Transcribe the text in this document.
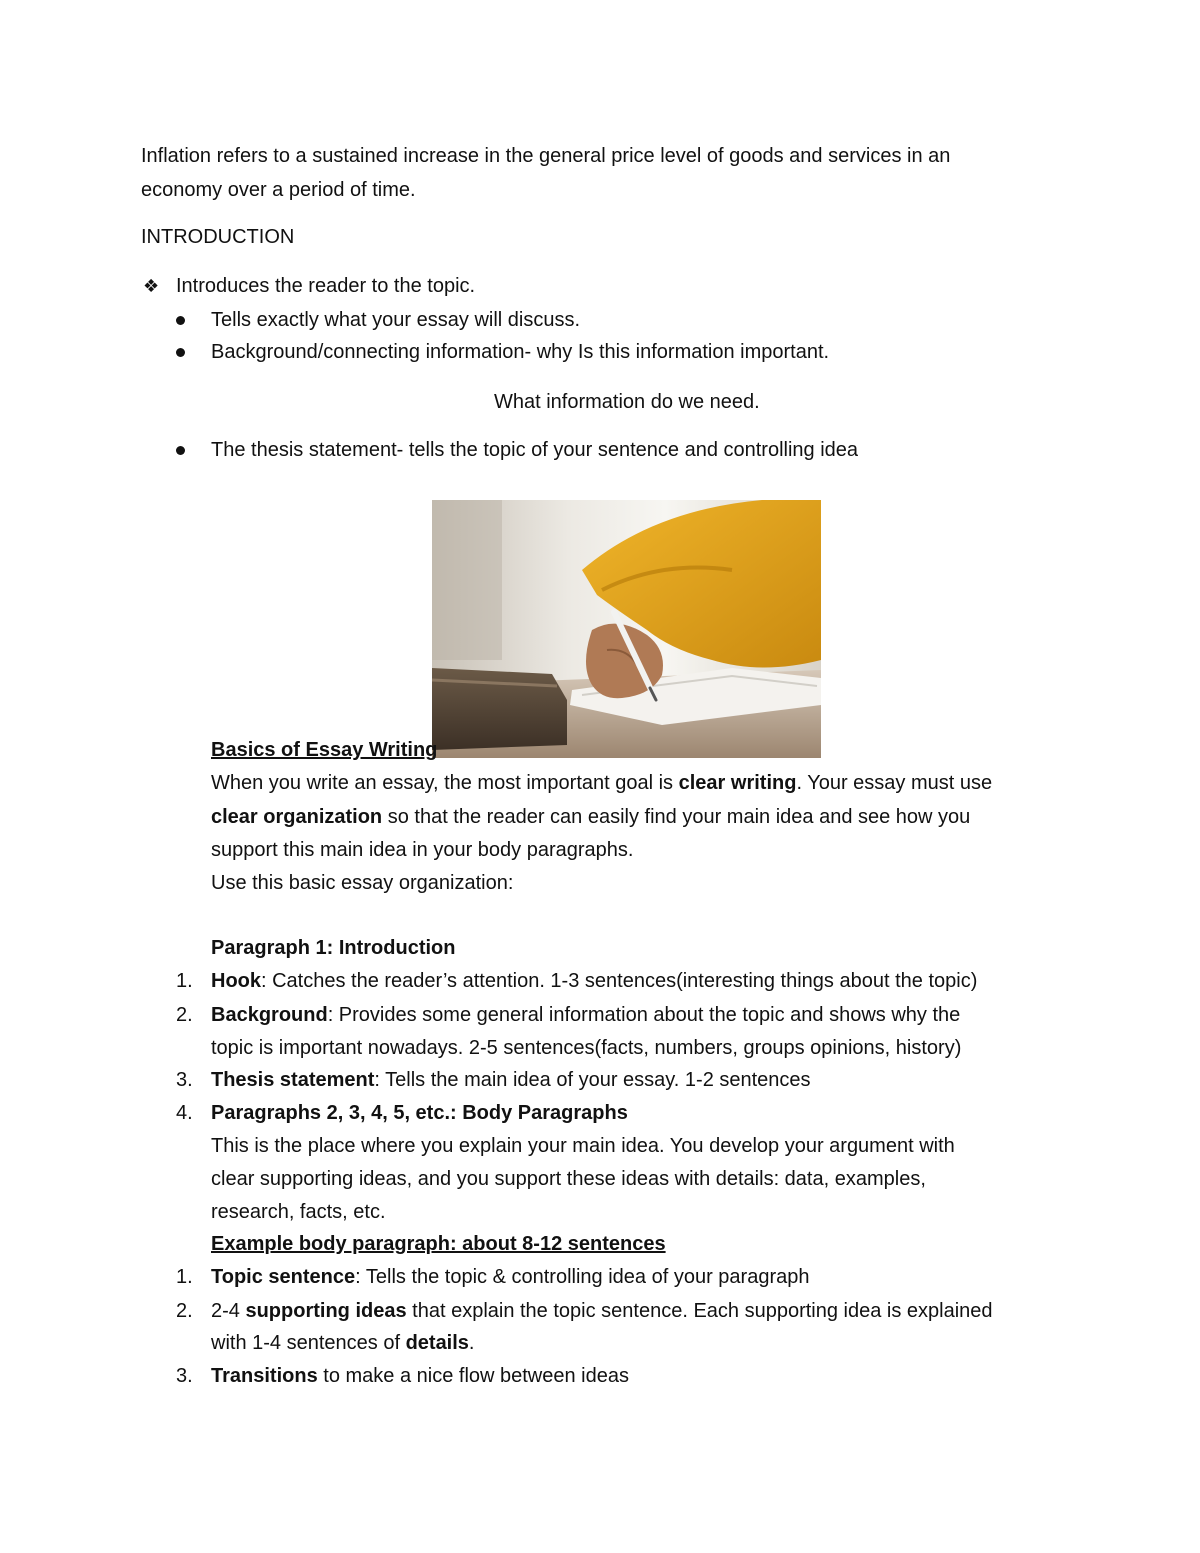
Inflation refers to a sustained increase in the general price level of goods and services in an

economy over a period of time.

INTRODUCTION

❖ Introduces the reader to the topic.

Tells exactly what your essay will discuss.

Background/connecting information- why Is this information important.

What information do we need.

The thesis statement- tells the topic of your sentence and controlling idea

Basics of Essay Writing

When you write an essay, the most important goal is clear writing. Your essay must use

clear organization so that the reader can easily find your main idea and see how you

support this main idea in your body paragraphs.

Use this basic essay organization:

Paragraph 1: Introduction

1. Hook: Catches the reader’s attention. 1-3 sentences(interesting things about the topic)

2. Background: Provides some general information about the topic and shows why the

topic is important nowadays. 2-5 sentences(facts, numbers, groups opinions, history)

3. Thesis statement: Tells the main idea of your essay. 1-2 sentences

4. Paragraphs 2, 3, 4, 5, etc.: Body Paragraphs

This is the place where you explain your main idea. You develop your argument with

clear supporting ideas, and you support these ideas with details: data, examples,

research, facts, etc.

Example body paragraph: about 8-12 sentences

1. Topic sentence: Tells the topic & controlling idea of your paragraph

2. 2-4 supporting ideas that explain the topic sentence. Each supporting idea is explained

with 1-4 sentences of details.

3. Transitions to make a nice flow between ideas
